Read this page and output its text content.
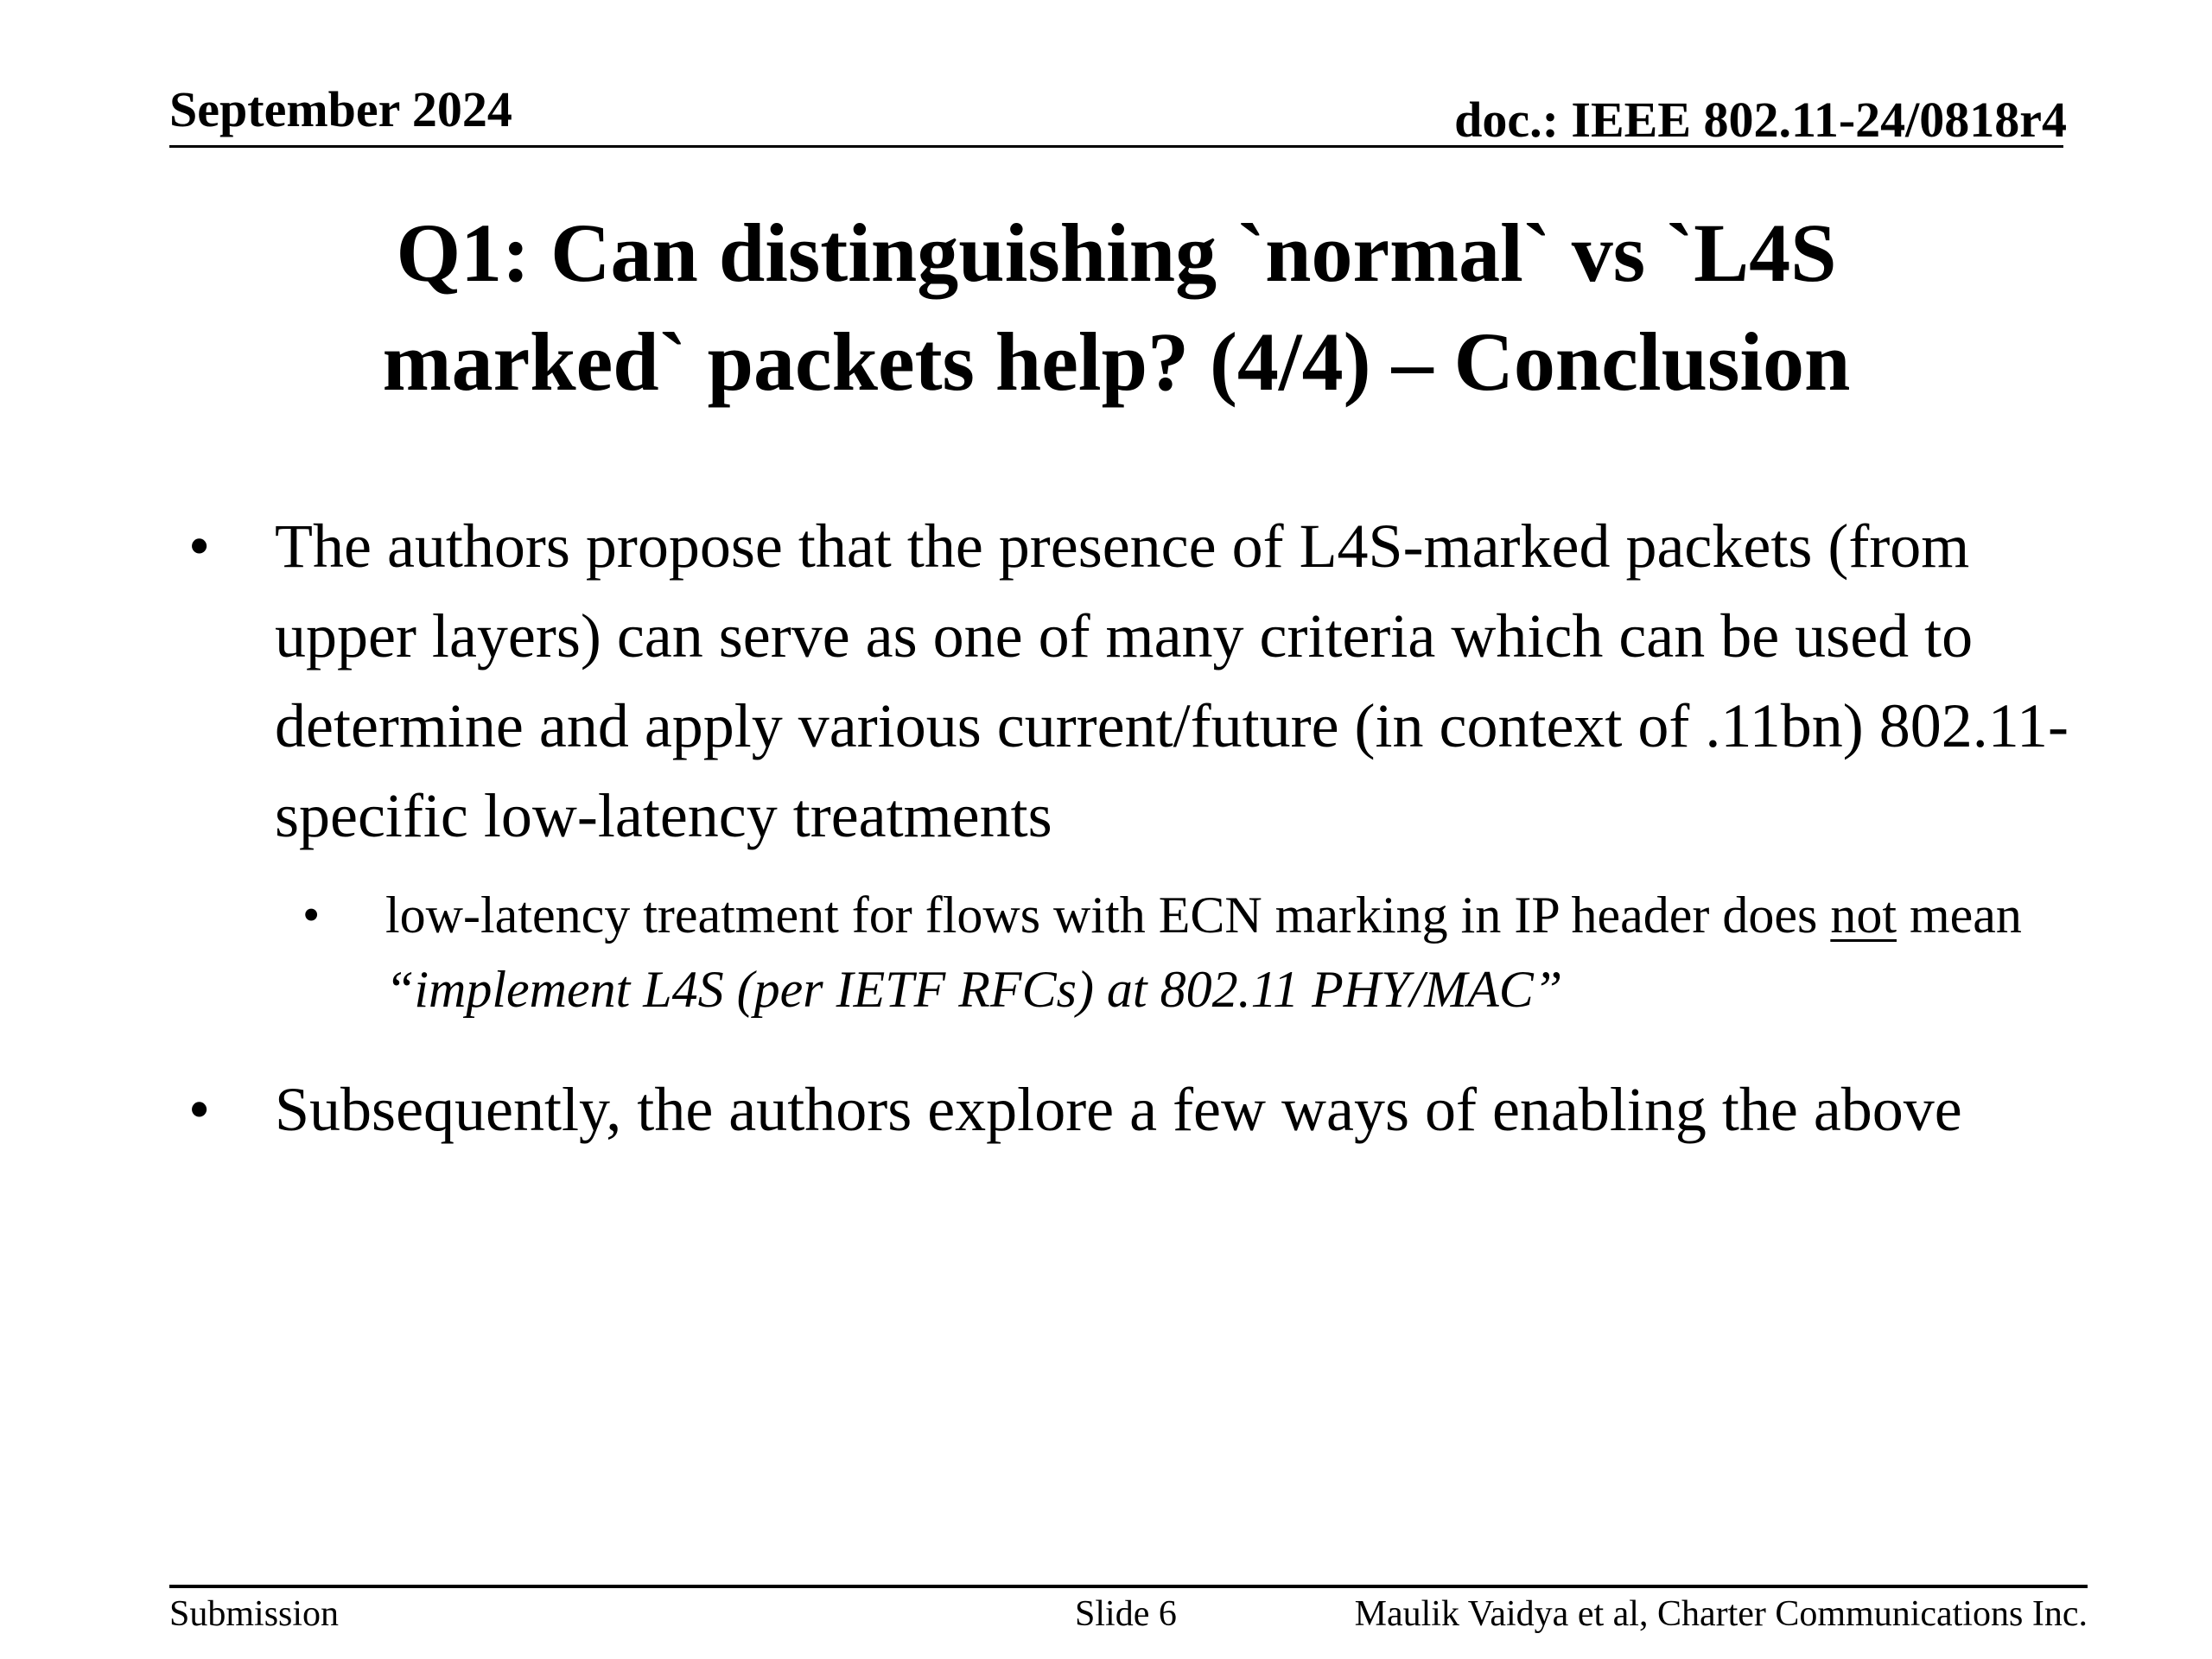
September 2024	doc.: IEEE 802.11-24/0818r4
Q1: Can distinguishing `normal` vs `L4S
marked` packets help? (4/4) – Conclusion
• The authors propose that the presence of L4S-marked packets (from upper layers) can serve as one of many criteria which can be used to determine and apply various current/future (in context of .11bn) 802.11-specific low-latency treatments
• low-latency treatment for flows with ECN marking in IP header does not mean “implement L4S (per IETF RFCs) at 802.11 PHY/MAC”
• Subsequently, the authors explore a few ways of enabling the above
Submission	Slide 6	Maulik Vaidya et al, Charter Communications Inc.
